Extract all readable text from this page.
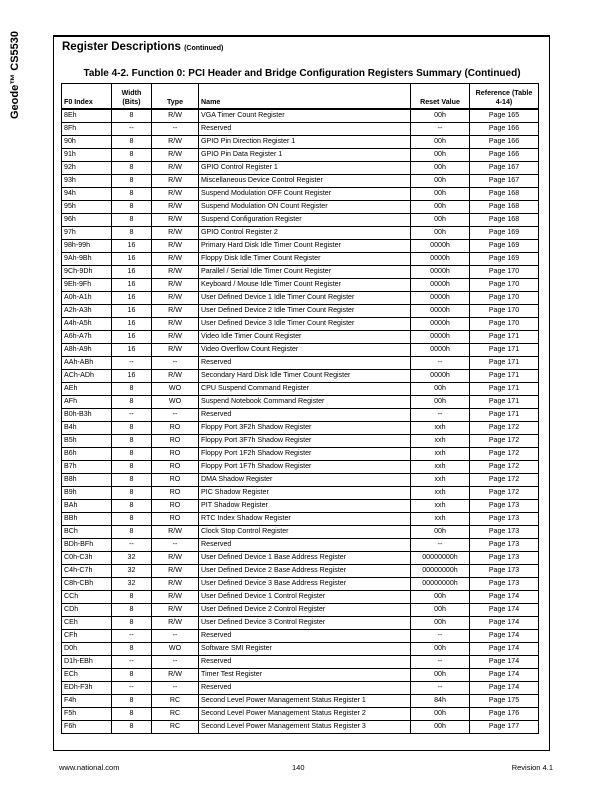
Geode™ CS5530	Register Descriptions (Continued)
Table 4-2. Function 0: PCI Header and Bridge Configuration Registers Summary (Continued)
F0 Index	Width (Bits)	Type	Name	Reset Value	Reference (Table 4-14)
8Eh	8	R/W	VGA Timer Count Register	00h	Page 165
8Fh	--	--	Reserved	--	Page 166
90h	8	R/W	GPIO Pin Direction Register 1	00h	Page 166
91h	8	R/W	GPIO Pin Data Register 1	00h	Page 166
92h	8	R/W	GPIO Control Register 1	00h	Page 167
93h	8	R/W	Miscellaneous Device Control Register	00h	Page 167
94h	8	R/W	Suspend Modulation OFF Count Register	00h	Page 168
95h	8	R/W	Suspend Modulation ON Count Register	00h	Page 168
96h	8	R/W	Suspend Configuration Register	00h	Page 168
97h	8	R/W	GPIO Control Register 2	00h	Page 169
98h-99h	16	R/W	Primary Hard Disk Idle Timer Count Register	0000h	Page 169
9Ah-9Bh	16	R/W	Floppy Disk Idle Timer Count Register	0000h	Page 169
9Ch-9Dh	16	R/W	Parallel / Serial Idle Timer Count Register	0000h	Page 170
9Eh-9Fh	16	R/W	Keyboard / Mouse Idle Timer Count Register	0000h	Page 170
A0h-A1h	16	R/W	User Defined Device 1 Idle Timer Count Register	0000h	Page 170
A2h-A3h	16	R/W	User Defined Device 2 Idle Timer Count Register	0000h	Page 170
A4h-A5h	16	R/W	User Defined Device 3 Idle Timer Count Register	0000h	Page 170
A6h-A7h	16	R/W	Video Idle Timer Count Register	0000h	Page 171
A8h-A9h	16	R/W	Video Overflow Count Register	0000h	Page 171
AAh-ABh	--	--	Reserved	--	Page 171
ACh-ADh	16	R/W	Secondary Hard Disk Idle Timer Count Register	0000h	Page 171
AEh	8	WO	CPU Suspend Command Register	00h	Page 171
AFh	8	WO	Suspend Notebook Command Register	00h	Page 171
B0h-B3h	--	--	Reserved	--	Page 171
B4h	8	RO	Floppy Port 3F2h Shadow Register	xxh	Page 172
B5h	8	RO	Floppy Port 3F7h Shadow Register	xxh	Page 172
B6h	8	RO	Floppy Port 1F2h Shadow Register	xxh	Page 172
B7h	8	RO	Floppy Port 1F7h Shadow Register	xxh	Page 172
B8h	8	RO	DMA Shadow Register	xxh	Page 172
B9h	8	RO	PIC Shadow Register	xxh	Page 172
BAh	8	RO	PIT Shadow Register	xxh	Page 173
BBh	8	RO	RTC Index Shadow Register	xxh	Page 173
BCh	8	R/W	Clock Stop Control Register	00h	Page 173
BDh-BFh	--	--	Reserved	--	Page 173
C0h-C3h	32	R/W	User Defined Device 1 Base Address Register	00000000h	Page 173
C4h-C7h	32	R/W	User Defined Device 2 Base Address Register	00000000h	Page 173
C8h-CBh	32	R/W	User Defined Device 3 Base Address Register	00000000h	Page 173
CCh	8	R/W	User Defined Device 1 Control Register	00h	Page 174
CDh	8	R/W	User Defined Device 2 Control Register	00h	Page 174
CEh	8	R/W	User Defined Device 3 Control Register	00h	Page 174
CFh	--	--	Reserved	--	Page 174
D0h	8	WO	Software SMI Register	00h	Page 174
D1h-EBh	--	--	Reserved	--	Page 174
ECh	8	R/W	Timer Test Register	00h	Page 174
EDh-F3h	--	--	Reserved	--	Page 174
F4h	8	RC	Second Level Power Management Status Register 1	84h	Page 175
F5h	8	RC	Second Level Power Management Status Register 2	00h	Page 176
F6h	8	RC	Second Level Power Management Status Register 3	00h	Page 177
www.national.com	140	Revision 4.1
